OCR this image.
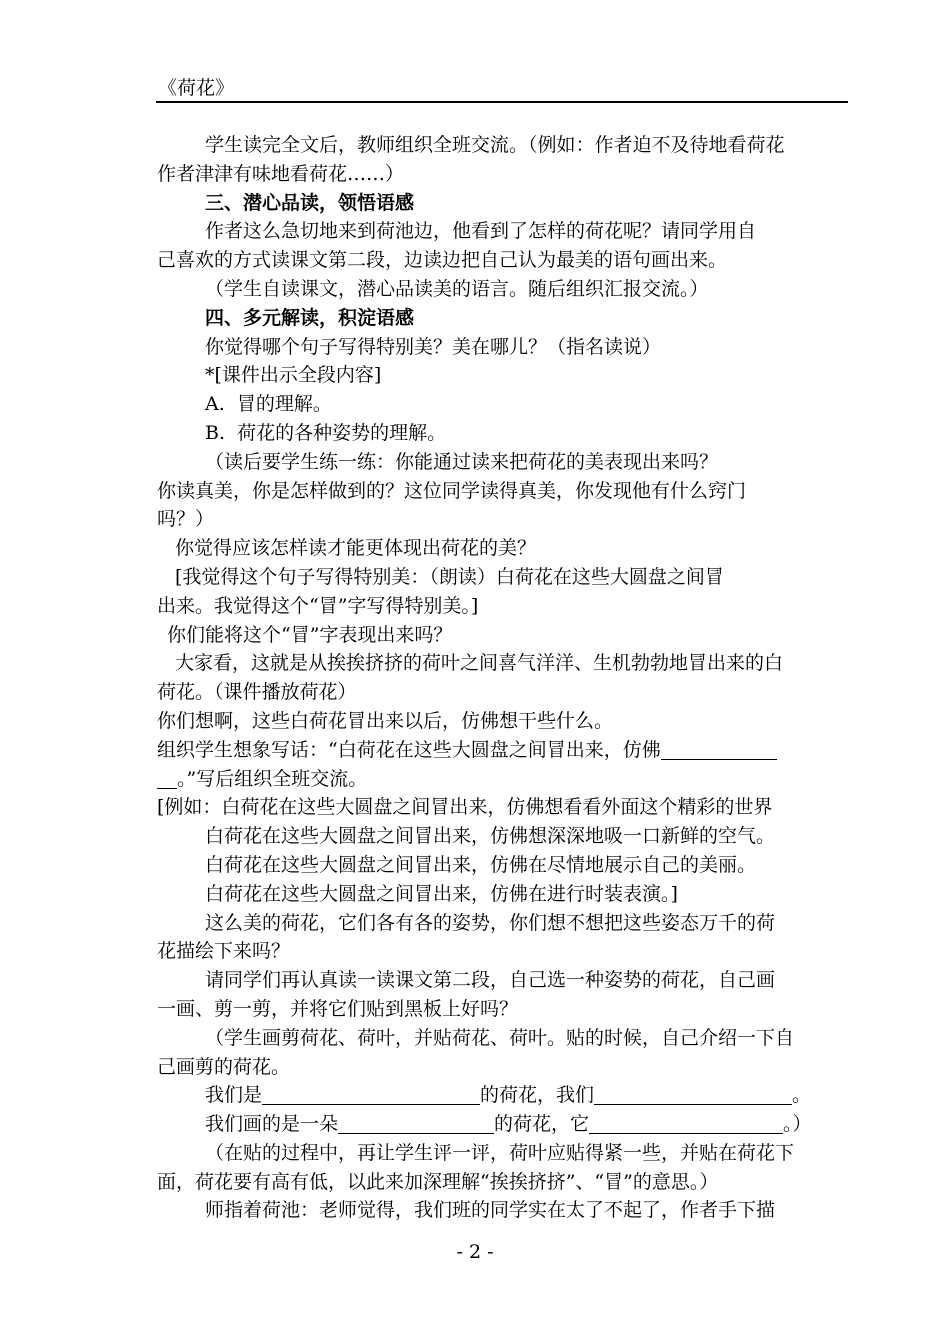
《荷花》
学生读完全文后，教师组织全班交流。（例如：作者迫不及待地看荷花
作者津津有味地看荷花……）
三、潜心品读，领悟语感
作者这么急切地来到荷池边，他看到了怎样的荷花呢？请同学用自
己喜欢的方式读课文第二段，边读边把自己认为最美的语句画出来。
（学生自读课文，潜心品读美的语言。随后组织汇报交流。）
四、多元解读，积淀语感
你觉得哪个句子写得特别美？美在哪儿？（指名读说）
*[课件出示全段内容]
A.  冒的理解。
B.  荷花的各种姿势的理解。
（读后要学生练一练：你能通过读来把荷花的美表现出来吗？
你读真美，你是怎样做到的？这位同学读得真美，你发现他有什么窍门
吗？）
你觉得应该怎样读才能更体现出荷花的美？
[我觉得这个句子写得特别美：（朗读）白荷花在这些大圆盘之间冒
出来。我觉得这个“冒”字写得特别美。]
你们能将这个“冒”字表现出来吗？
大家看，这就是从挨挨挤挤的荷叶之间喜气洋洋、生机勃勃地冒出来的白
荷花。（课件播放荷花）
你们想啊，这些白荷花冒出来以后，仿佛想干些什么。
组织学生想象写话：“白荷花在这些大圆盘之间冒出来，仿佛
。”写后组织全班交流。
[例如：白荷花在这些大圆盘之间冒出来，仿佛想看看外面这个精彩的世界
白荷花在这些大圆盘之间冒出来，仿佛想深深地吸一口新鲜的空气。
白荷花在这些大圆盘之间冒出来，仿佛在尽情地展示自己的美丽。
白荷花在这些大圆盘之间冒出来，仿佛在进行时装表演。]
这么美的荷花，它们各有各的姿势，你们想不想把这些姿态万千的荷
花描绘下来吗？
请同学们再认真读一读课文第二段，自己选一种姿势的荷花，自己画
一画、剪一剪，并将它们贴到黑板上好吗？
（学生画剪荷花、荷叶，并贴荷花、荷叶。贴的时候，自己介绍一下自
己画剪的荷花。
我们是	的荷花，我们	。
我们画的是一朵	的荷花，它	。）
（在贴的过程中，再让学生评一评，荷叶应贴得紧一些，并贴在荷花下
面，荷花要有高有低，以此来加深理解“挨挨挤挤”、“冒”的意思。）
师指着荷池：老师觉得，我们班的同学实在太了不起了，作者手下描
- 2 -
